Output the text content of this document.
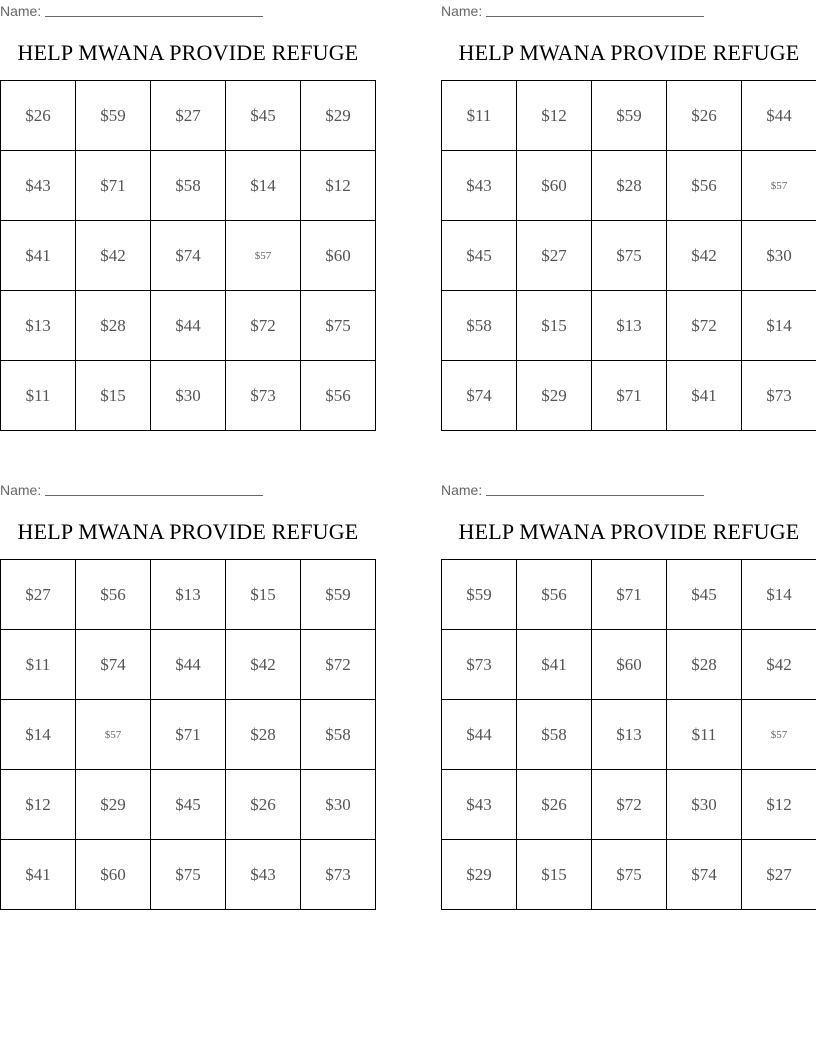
Name:
HELP MWANA PROVIDE REFUGE
$26	$59	$27	$45	$29
$43	$71	$58	$14	$12
$41	$42	$74	$57	$60
$13	$28	$44	$72	$75
$11	$15	$30	$73	$56
Name:
HELP MWANA PROVIDE REFUGE
$11	$12	$59	$26	$44
$43	$60	$28	$56	$57
$45	$27	$75	$42	$30
$58	$15	$13	$72	$14
$74	$29	$71	$41	$73
Name:
HELP MWANA PROVIDE REFUGE
$27	$56	$13	$15	$59
$11	$74	$44	$42	$72
$14	$57	$71	$28	$58
$12	$29	$45	$26	$30
$41	$60	$75	$43	$73
Name:
HELP MWANA PROVIDE REFUGE
$59	$56	$71	$45	$14
$73	$41	$60	$28	$42
$44	$58	$13	$11	$57
$43	$26	$72	$30	$12
$29	$15	$75	$74	$27
